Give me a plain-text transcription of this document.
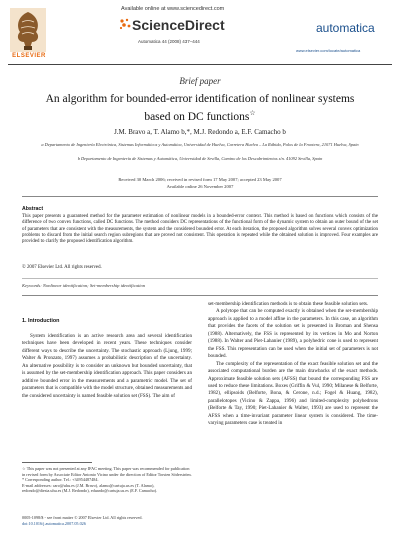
ELSEVIER
Available online at www.sciencedirect.com
ScienceDirect	automatica
Automatica 44 (2008) 437–444
www.elsevier.com/locate/automatica
Brief paper
An algorithm for bounded-error identification of nonlinear systems based on DC functions☆
J.M. Bravo a, T. Alamo b,*, M.J. Redondo a, E.F. Camacho b
a Departamento de Ingeniería Electrónica, Sistemas Informáticos y Automática, Universidad de Huelva, Carretera Huelva – La Rábida, Palos de la Frontera, 21071 Huelva, Spain
b Departamento de Ingeniería de Sistemas y Automática, Universidad de Sevilla, Camino de los Descubrimientos s/n. 41092 Sevilla, Spain
Received 30 March 2006; received in revised form 17 May 2007; accepted 23 May 2007
Available online 26 November 2007
Abstract
This paper presents a guaranteed method for the parameter estimation of nonlinear models in a bounded-error context. This method is based on functions which consists of the difference of two convex functions, called DC functions. The method considers DC representations of the functional form of the dynamic system to obtain an outer bound of the set of parameters that are consistent with the measurements, the system and the considered bounded error. At each iteration, the proposed algorithm solves several convex optimization problems to discard from the initial search region subregions that are proved not consistent. This operation is repeated while the obtained solution is improved. Four examples are provided to clarify the proposed identification algorithm.
© 2007 Elsevier Ltd. All rights reserved.
Keywords: Nonlinear identification; Set-membership identification
1. Introduction

System identification is an active research area and several identification techniques have been developed in recent years. These techniques consider different ways to describe the uncertainty. The stochastic approach (Ljung, 1999; Walter & Pronzato, 1997) assumes a probabilistic description of the uncertainty. An alternative possibility is to consider an unknown but bounded uncertainty, that is assumed by the set-membership identification approach. This paper considers an additive bounded error in the measurements and a parametric model. The set of parameters that is compatible with the model structure, obtained measurements and the considered uncertainty is named feasible solution set (FSS). The aim of

set-membership identification methods is to obtain these feasible solution sets.

A polytope that can be computed exactly is obtained when the set-membership approach is applied to a model affine in the parameters. In this case, an algorithm that provides the facets of the solution set is presented in Broman and Shensa (1988). Alternatively, the FSS is represented by its vertices in Mo and Norton (1988). In Walter and Piet-Lahanier (1989), a polyhedric cone is used to represent the FSS. This representation can be used when the initial set of parameters is not bounded.

The complexity of the representation of the exact feasible solution set and the associated computational burden are the main drawbacks of the exact methods. Approximate feasible solution sets (AFSS) that bound the corresponding FSS are used to reduce these limitations. Boxes (Griffin & Vul, 1990; Milanese & Belforte, 1982), ellipsoids (Belforte, Bona, & Cerone, n.d.; Fogel & Huang, 1982), parallelotopes (Vicino & Zappa, 1996) and limited-complexity polyhedrons (Belforte & Tay, 1990; Piet-Lahanier & Walter, 1993) are used to represent the AFSS when a time-invariant parameter linear system is considered. The time-varying parameters case is treated in

☆ This paper was not presented at any IFAC meeting. This paper was recommended for publication in revised form by Associate Editor Antonio Vicino under the direction of Editor Torsten Söderström.

* Corresponding author. Tel.: +34954487484.

E-mail addresses: caro@uhu.es (J.M. Bravo), alamo@cartuja.us.es (T. Alamo), redondo@diesia.uhu.es (M.J. Redondo), eduardo@cartuja.us.es (E.F. Camacho).

0005-1098/$ - see front matter © 2007 Elsevier Ltd. All rights reserved.

doi:10.1016/j.automatica.2007.05.026
